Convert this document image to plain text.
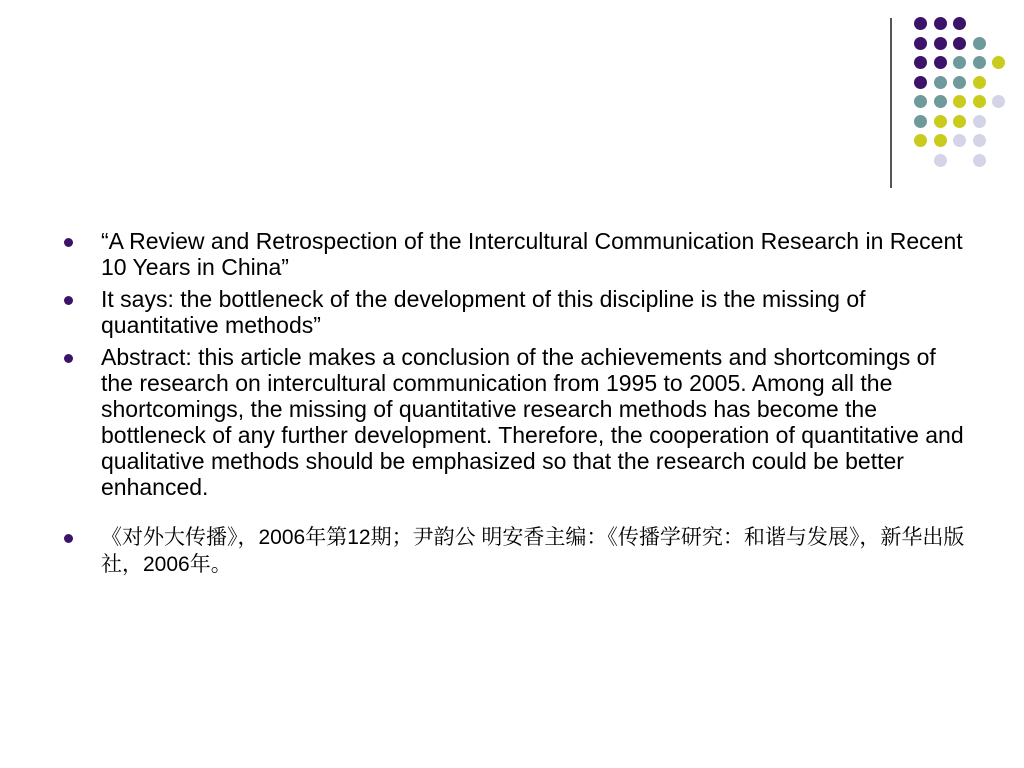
“A Review and Retrospection of the Intercultural Communication Research in Recent 10 Years in China”
It says: the bottleneck of the development of this discipline is the missing of quantitative methods”
Abstract: this article makes a conclusion of the achievements and shortcomings of the research on intercultural communication from 1995 to 2005. Among all the shortcomings, the missing of quantitative research methods has become the bottleneck of any further development. Therefore, the cooperation of quantitative and qualitative methods should be emphasized so that the research could be better enhanced.
《对外大传播》，2006年第12期；尹韵公 明安香主编：《传播学研究：和谐与发展》，新华出版社，2006年。
